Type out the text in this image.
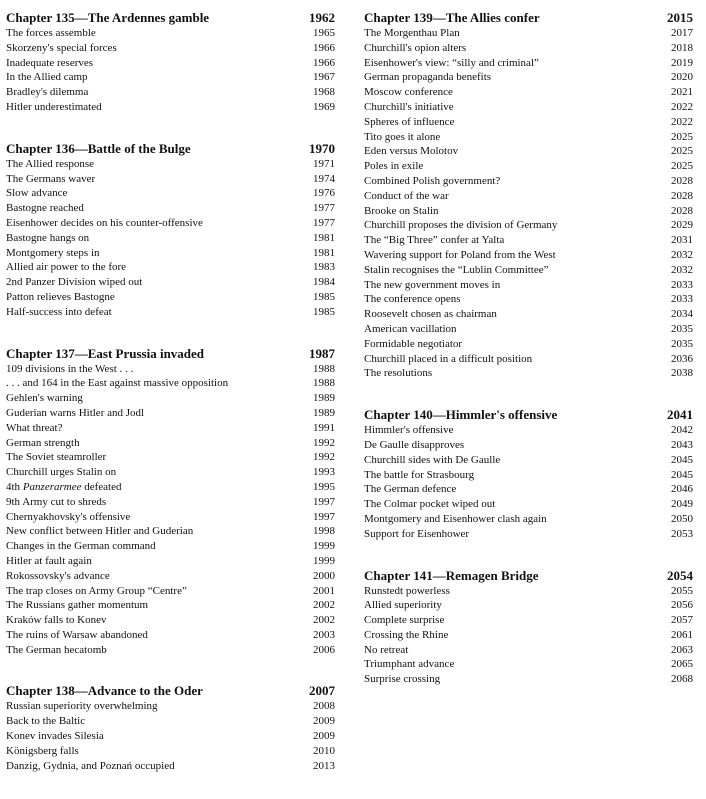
Chapter 135—The Ardennes gamble	1962
The forces assemble	1965
Skorzeny's special forces	1966
Inadequate reserves	1966
In the Allied camp	1967
Bradley's dilemma	1968
Hitler underestimated	1969
Chapter 136—Battle of the Bulge	1970
The Allied response	1971
The Germans waver	1974
Slow advance	1976
Bastogne reached	1977
Eisenhower decides on his counter-offensive	1977
Bastogne hangs on	1981
Montgomery steps in	1981
Allied air power to the fore	1983
2nd Panzer Division wiped out	1984
Patton relieves Bastogne	1985
Half-success into defeat	1985
Chapter 137—East Prussia invaded	1987
109 divisions in the West . . .	1988
. . . and 164 in the East against massive opposition	1988
Gehlen's warning	1989
Guderian warns Hitler and Jodl	1989
What threat?	1991
German strength	1992
The Soviet steamroller	1992
Churchill urges Stalin on	1993
4th Panzerarmee defeated	1995
9th Army cut to shreds	1997
Chernyakhovsky's offensive	1997
New conflict between Hitler and Guderian	1998
Changes in the German command	1999
Hitler at fault again	1999
Rokossovsky's advance	2000
The trap closes on Army Group “Centre”	2001
The Russians gather momentum	2002
Kraków falls to Konev	2002
The ruins of Warsaw abandoned	2003
The German hecatomb	2006
Chapter 138—Advance to the Oder	2007
Russian superiority overwhelming	2008
Back to the Baltic	2009
Konev invades Silesia	2009
Königsberg falls	2010
Danzig, Gydnia, and Poznań occupied	2013
Chapter 139—The Allies confer	2015
The Morgenthau Plan	2017
Churchill's opion alters	2018
Eisenhower's view: “silly and criminal”	2019
German propaganda benefits	2020
Moscow conference	2021
Churchill's initiative	2022
Spheres of influence	2022
Tito goes it alone	2025
Eden versus Molotov	2025
Poles in exile	2025
Combined Polish government?	2028
Conduct of the war	2028
Brooke on Stalin	2028
Churchill proposes the division of Germany	2029
The “Big Three” confer at Yalta	2031
Wavering support for Poland from the West	2032
Stalin recognises the “Lublin Committee”	2032
The new government moves in	2033
The conference opens	2033
Roosevelt chosen as chairman	2034
American vacillation	2035
Formidable negotiator	2035
Churchill placed in a difficult position	2036
The resolutions	2038
Chapter 140—Himmler's offensive	2041
Himmler's offensive	2042
De Gaulle disapproves	2043
Churchill sides with De Gaulle	2045
The battle for Strasbourg	2045
The German defence	2046
The Colmar pocket wiped out	2049
Montgomery and Eisenhower clash again	2050
Support for Eisenhower	2053
Chapter 141—Remagen Bridge	2054
Runstedt powerless	2055
Allied superiority	2056
Complete surprise	2057
Crossing the Rhine	2061
No retreat	2063
Triumphant advance	2065
Surprise crossing	2068
